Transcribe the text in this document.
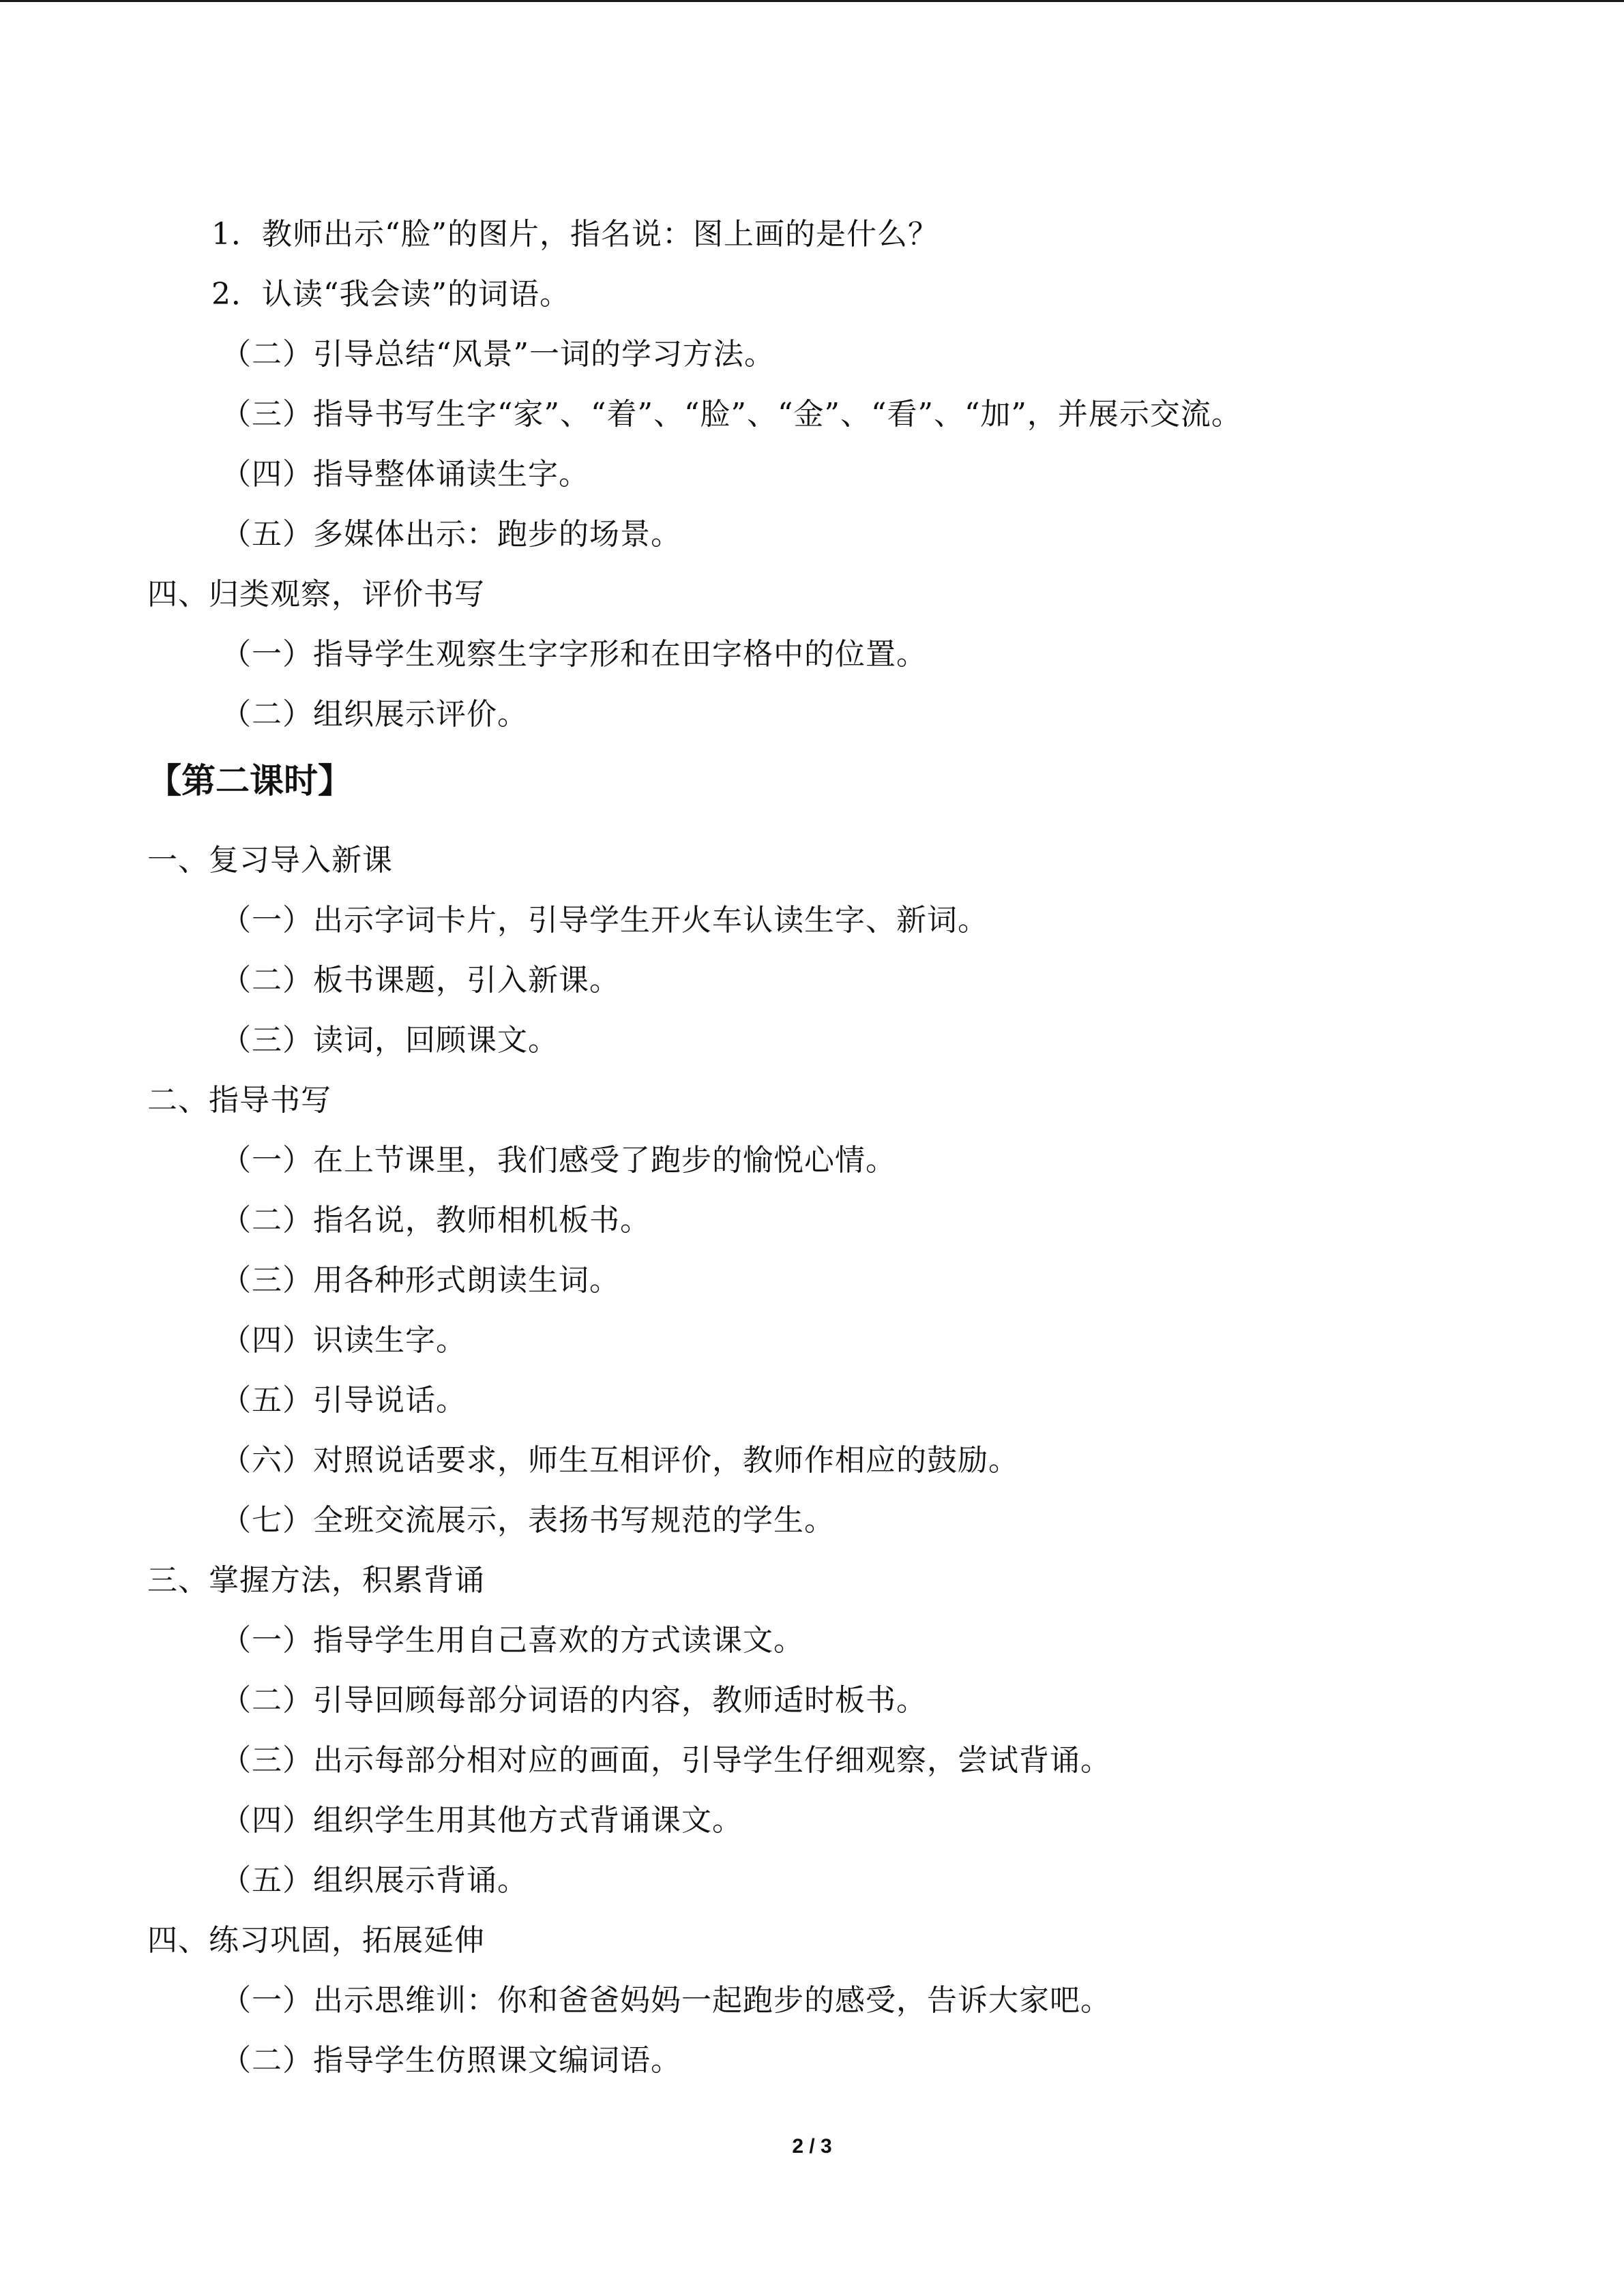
1．教师出示“脸”的图片，指名说：图上画的是什么？
2．认读“我会读”的词语。
（二）引导总结“风景”一词的学习方法。
（三）指导书写生字“家”、“着”、“脸”、“金”、“看”、“加”，并展示交流。
（四）指导整体诵读生字。
（五）多媒体出示：跑步的场景。
四、归类观察，评价书写
（一）指导学生观察生字字形和在田字格中的位置。
（二）组织展示评价。
【第二课时】
一、复习导入新课
（一）出示字词卡片，引导学生开火车认读生字、新词。
（二）板书课题，引入新课。
（三）读词，回顾课文。
二、指导书写
（一）在上节课里，我们感受了跑步的愉悦心情。
（二）指名说，教师相机板书。
（三）用各种形式朗读生词。
（四）识读生字。
（五）引导说话。
（六）对照说话要求，师生互相评价，教师作相应的鼓励。
（七）全班交流展示，表扬书写规范的学生。
三、掌握方法，积累背诵
（一）指导学生用自己喜欢的方式读课文。
（二）引导回顾每部分词语的内容，教师适时板书。
（三）出示每部分相对应的画面，引导学生仔细观察，尝试背诵。
（四）组织学生用其他方式背诵课文。
（五）组织展示背诵。
四、练习巩固，拓展延伸
（一）出示思维训：你和爸爸妈妈一起跑步的感受，告诉大家吧。
（二）指导学生仿照课文编词语。
2 / 3
